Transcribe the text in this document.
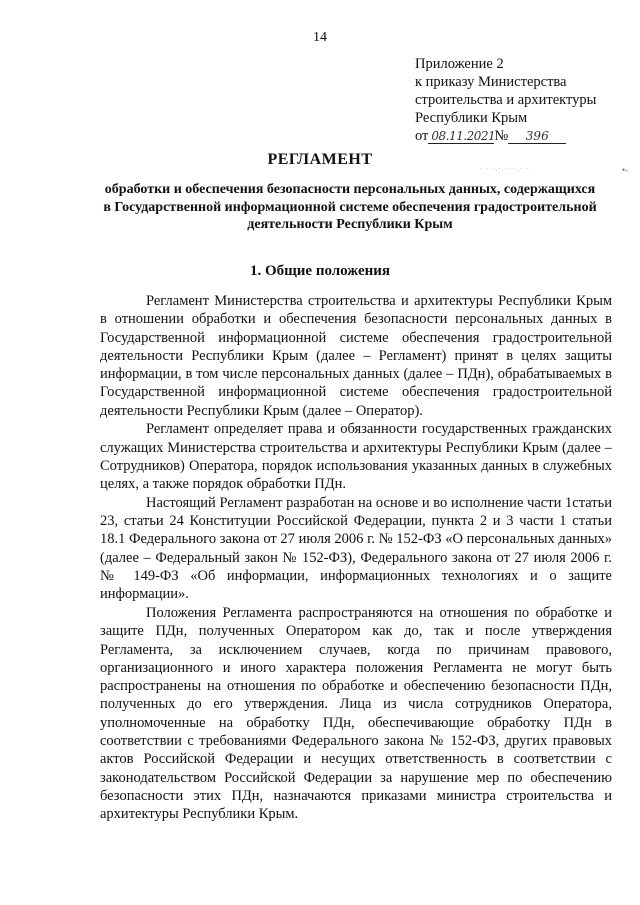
14
Приложение 2
к приказу Министерства
строительства и архитектуры
Республики Крым
от 08.11.2021 №	396
· · ·.·.·· ·.· ·.	•-
РЕГЛАМЕНТ
обработки и обеспечения безопасности персональных данных, содержащихся в Государственной информационной системе обеспечения градостроительной деятельности Республики Крым
1. Общие положения

Регламент Министерства строительства и архитектуры Республики Крым в отношении обработки и обеспечения безопасности персональных данных в Государственной информационной системе обеспечения градостроительной деятельности Республики Крым (далее – Регламент) принят в целях защиты информации, в том числе персональных данных (далее – ПДн), обрабатываемых в Государственной информационной системе обеспечения градостроительной деятельности Республики Крым (далее – Оператор).

Регламент определяет права и обязанности государственных гражданских служащих Министерства строительства и архитектуры Республики Крым (далее – Сотрудников) Оператора, порядок использования указанных данных в служебных целях, а также порядок обработки ПДн.

Настоящий Регламент разработан на основе и во исполнение части 1статьи 23, статьи 24 Конституции Российской Федерации, пункта 2 и 3 части 1 статьи 18.1 Федерального закона от 27 июля 2006 г. № 152-ФЗ «О персональных данных» (далее – Федеральный закон № 152-ФЗ), Федерального закона от 27 июля 2006 г. № 149-ФЗ «Об информации, информационных технологиях и о защите информации».

Положения Регламента распространяются на отношения по обработке и защите ПДн, полученных Оператором как до, так и после утверждения Регламента, за исключением случаев, когда по причинам правового, организационного и иного характера положения Регламента не могут быть распространены на отношения по обработке и обеспечению безопасности ПДн, полученных до его утверждения. Лица из числа сотрудников Оператора, уполномоченные на обработку ПДн, обеспечивающие обработку ПДн в соответствии с требованиями Федерального закона № 152-ФЗ, других правовых актов Российской Федерации и несущих ответственность в соответствии с законодательством Российской Федерации за нарушение мер по обеспечению безопасности этих ПДн, назначаются приказами министра строительства и архитектуры Республики Крым.
